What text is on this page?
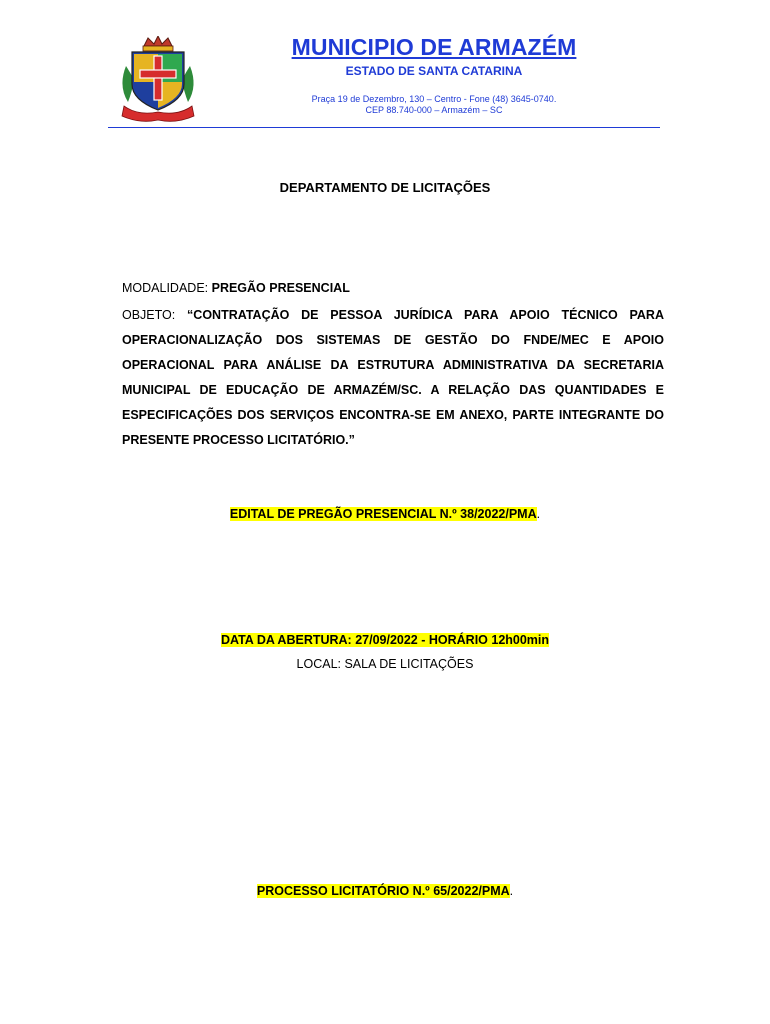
MUNICIPIO DE ARMAZÉM
ESTADO DE SANTA CATARINA
Praça 19 de Dezembro, 130 – Centro - Fone (48) 3645-0740.
CEP 88.740-000 – Armazém – SC
DEPARTAMENTO DE LICITAÇÕES
MODALIDADE: PREGÃO PRESENCIAL
OBJETO: “CONTRATAÇÃO DE PESSOA JURÍDICA PARA APOIO TÉCNICO PARA OPERACIONALIZAÇÃO DOS SISTEMAS DE GESTÃO DO FNDE/MEC E APOIO OPERACIONAL PARA ANÁLISE DA ESTRUTURA ADMINISTRATIVA DA SECRETARIA MUNICIPAL DE EDUCAÇÃO DE ARMAZÉM/SC. A RELAÇÃO DAS QUANTIDADES E ESPECIFICAÇÕES DOS SERVIÇOS ENCONTRA-SE EM ANEXO, PARTE INTEGRANTE DO PRESENTE PROCESSO LICITATÓRIO.”
EDITAL DE PREGÃO PRESENCIAL N.º 38/2022/PMA.
DATA DA ABERTURA: 27/09/2022 - HORÁRIO 12h00min
LOCAL: SALA DE LICITAÇÕES
PROCESSO LICITATÓRIO N.º 65/2022/PMA.
